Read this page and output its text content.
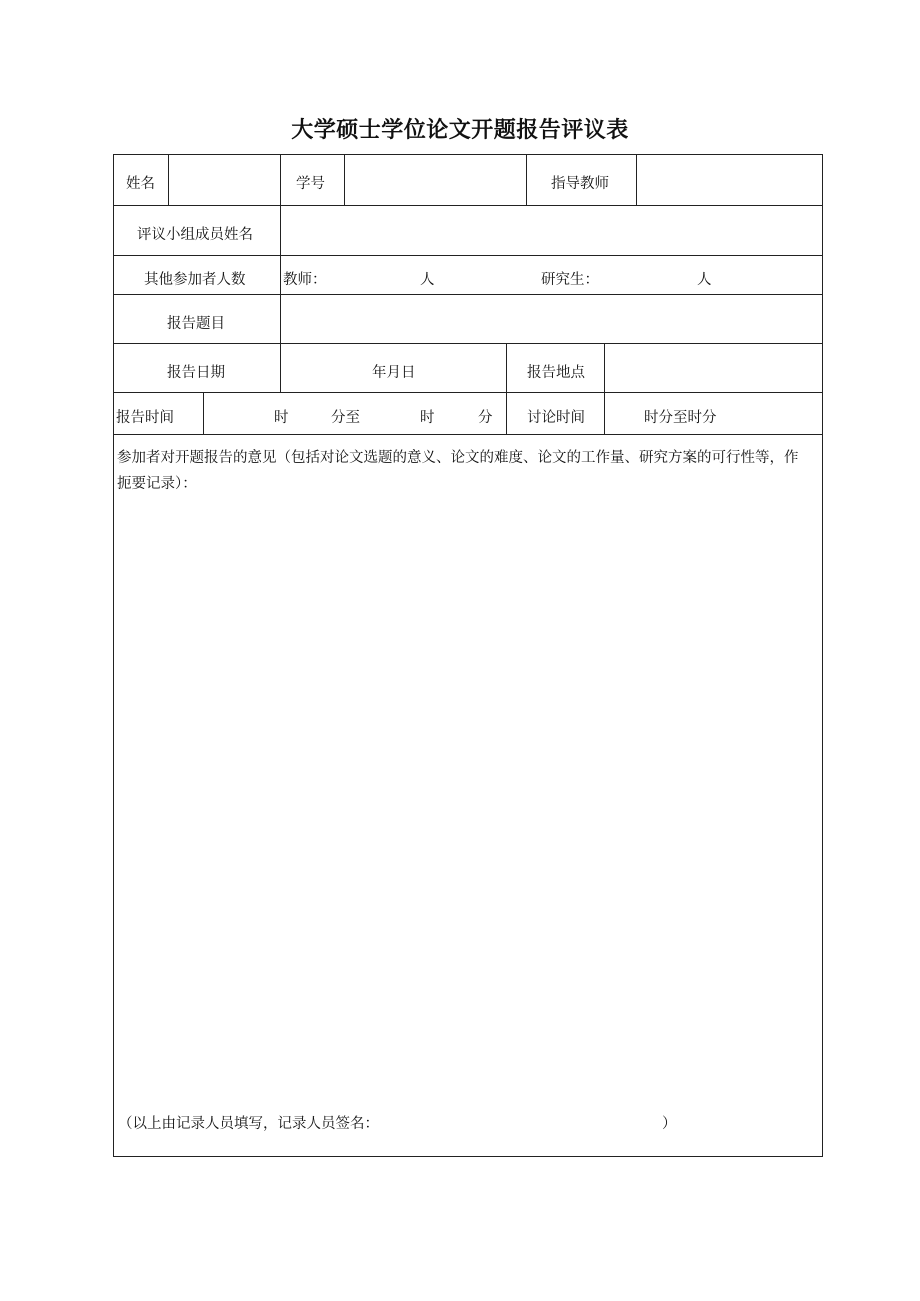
大学硕士学位论文开题报告评议表
姓名	学号	指导教师
评议小组成员姓名
其他参加者人数	教师：	人	研究生：	人
报告题目
报告日期	年月日	报告地点
报告时间	时	分至	时	分 讨论时间	时分至时分
参加者对开题报告的意见（包括对论文选题的意义、论文的难度、论文的工作量、研究方案的可行性等，作扼要记录）：
（以上由记录人员填写，记录人员签名：	）
